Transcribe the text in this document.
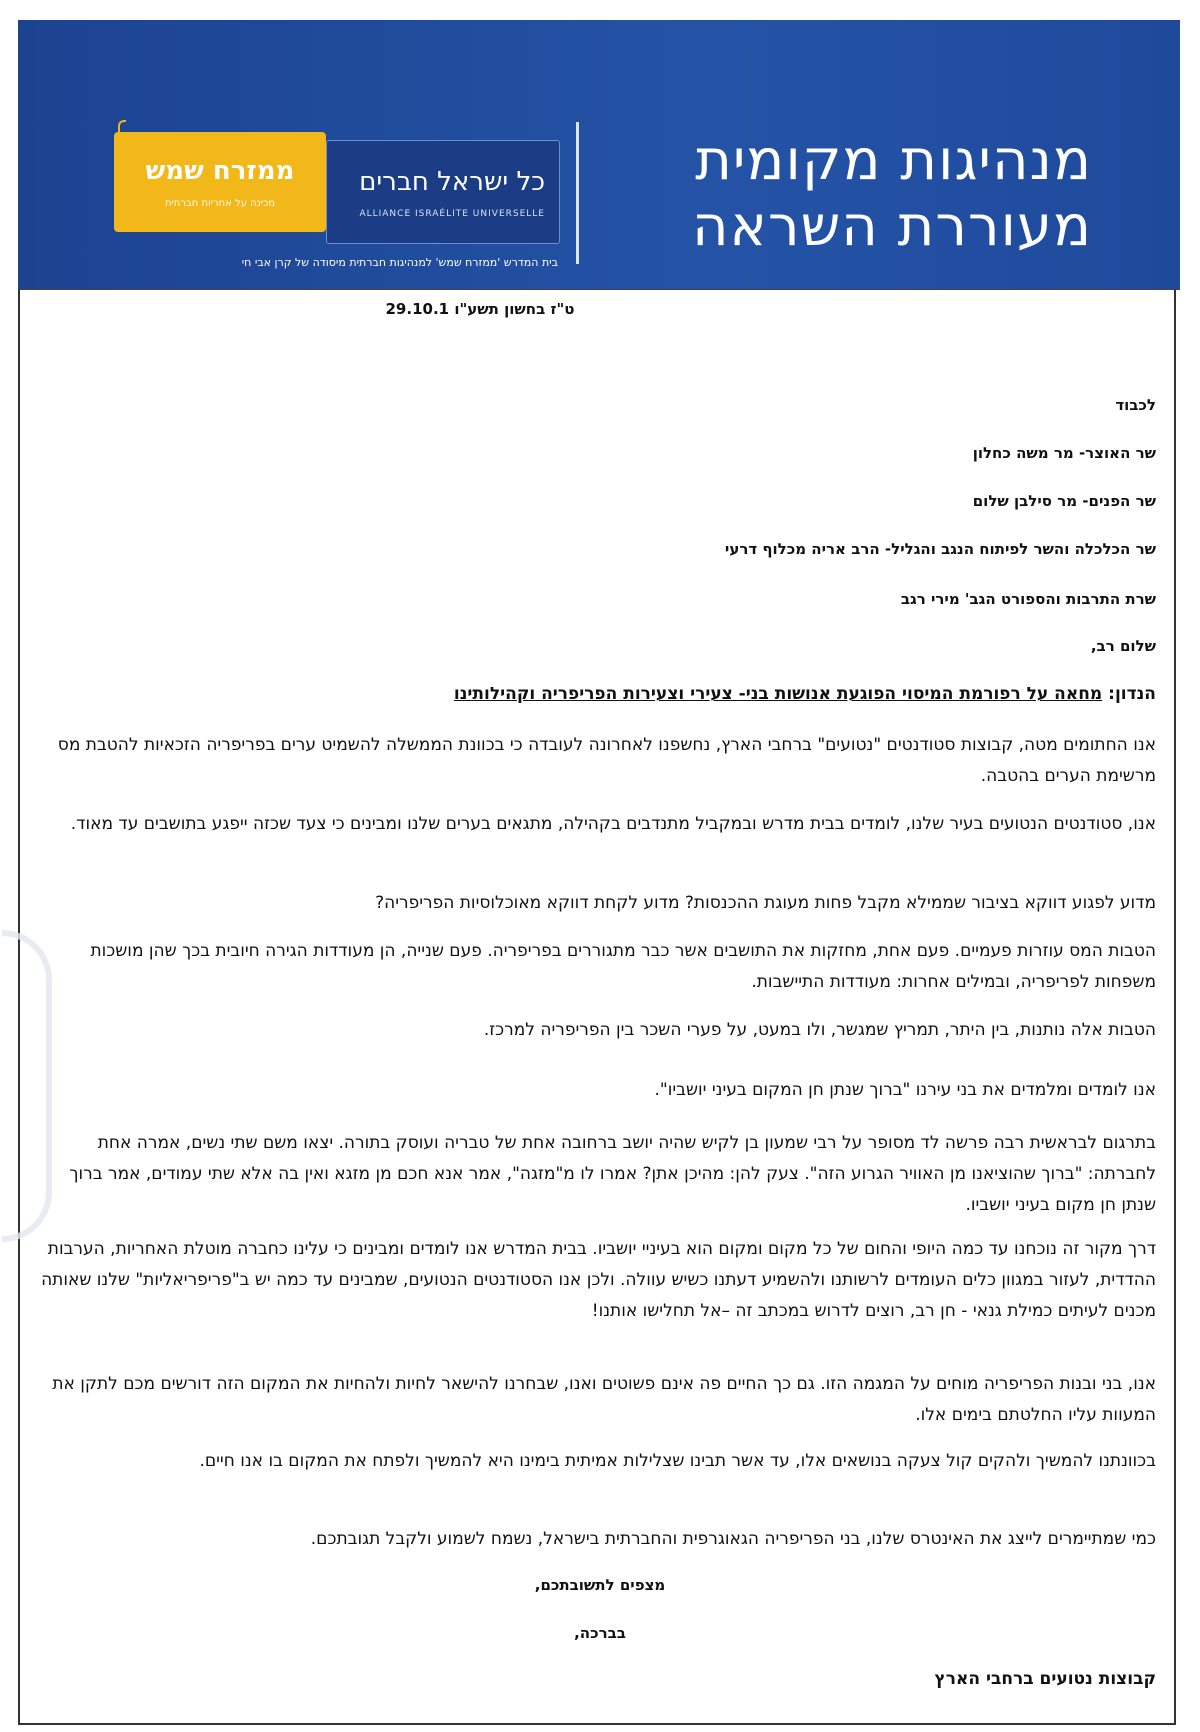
ממזרח שמש
מכינה על אחריות חברתית
כל ישראל חברים
ALLIANCE ISRAÉLITE UNIVERSELLE
בית המדרש 'ממזרח שמש' למנהיגות חברתית מיסודה של קרן אבי חי
מנהיגות מקומית
מעוררת השראה
ט"ז בחשון תשע"ו 29.10.1
לכבוד
שר האוצר- מר משה כחלון
שר הפנים- מר סילבן שלום
שר הכלכלה והשר לפיתוח הנגב והגליל- הרב אריה מכלוף דרעי
שרת התרבות והספורט הגב' מירי רגב
שלום רב,
הנדון: מחאה על רפורמת המיסוי הפוגעת אנושות בני- צעירי וצעירות הפריפריה וקהילותינו
אנו החתומים מטה, קבוצות סטודנטים "נטועים" ברחבי הארץ, נחשפנו לאחרונה לעובדה כי בכוונת הממשלה להשמיט ערים בפריפריה הזכאיות להטבת מס מרשימת הערים בהטבה.
אנו, סטודנטים הנטועים בעיר שלנו, לומדים בבית מדרש ובמקביל מתנדבים בקהילה, מתגאים בערים שלנו ומבינים כי צעד שכזה ייפגע בתושבים עד מאוד.
מדוע לפגוע דווקא בציבור שממילא מקבל פחות מעוגת ההכנסות? מדוע לקחת דווקא מאוכלוסיות הפריפריה?
הטבות המס עוזרות פעמיים. פעם אחת, מחזקות את התושבים אשר כבר מתגוררים בפריפריה. פעם שנייה, הן מעודדות הגירה חיובית בכך שהן מושכות משפחות לפריפריה, ובמילים אחרות: מעודדות התיישבות.
הטבות אלה נותנות, בין היתר, תמריץ שמגשר, ולו במעט, על פערי השכר בין הפריפריה למרכז.
אנו לומדים ומלמדים את בני עירנו "ברוך שנתן חן המקום בעיני יושביו".
בתרגום לבראשית רבה פרשה לד מסופר על רבי שמעון בן לקיש שהיה יושב ברחובה אחת של טבריה ועוסק בתורה. יצאו משם שתי נשים, אמרה אחת לחברתה: "ברוך שהוציאנו מן האוויר הגרוע הזה". צעק להן: מהיכן אתן? אמרו לו מ"מזגה", אמר אנא חכם מן מזגא ואין בה אלא שתי עמודים, אמר ברוך שנתן חן מקום בעיני יושביו.
דרך מקור זה נוכחנו עד כמה היופי והחום של כל מקום ומקום הוא בעיניי יושביו. בבית המדרש אנו לומדים ומבינים כי עלינו כחברה מוטלת האחריות, הערבות ההדדית, לעזור במגוון כלים העומדים לרשותנו ולהשמיע דעתנו כשיש עוולה. ולכן אנו הסטודנטים הנטועים, שמבינים עד כמה יש ב"פריפריאליות" שלנו שאותה מכנים לעיתים כמילת גנאי - חן רב, רוצים לדרוש במכתב זה –אל תחלישו אותנו!
אנו, בני ובנות הפריפריה מוחים על המגמה הזו. גם כך החיים פה אינם פשוטים ואנו, שבחרנו להישאר לחיות ולהחיות את המקום הזה דורשים מכם לתקן את המעוות עליו החלטתם בימים אלו.
בכוונתנו להמשיך ולהקים קול צעקה בנושאים אלו, עד אשר תבינו שצלילות אמיתית בימינו היא להמשיך ולפתח את המקום בו אנו חיים.
כמי שמתיימרים לייצג את האינטרס שלנו, בני הפריפריה הגאוגרפית והחברתית בישראל, נשמח לשמוע ולקבל תגובתכם.
מצפים לתשובתכם,
בברכה,
קבוצות נטועים ברחבי הארץ
